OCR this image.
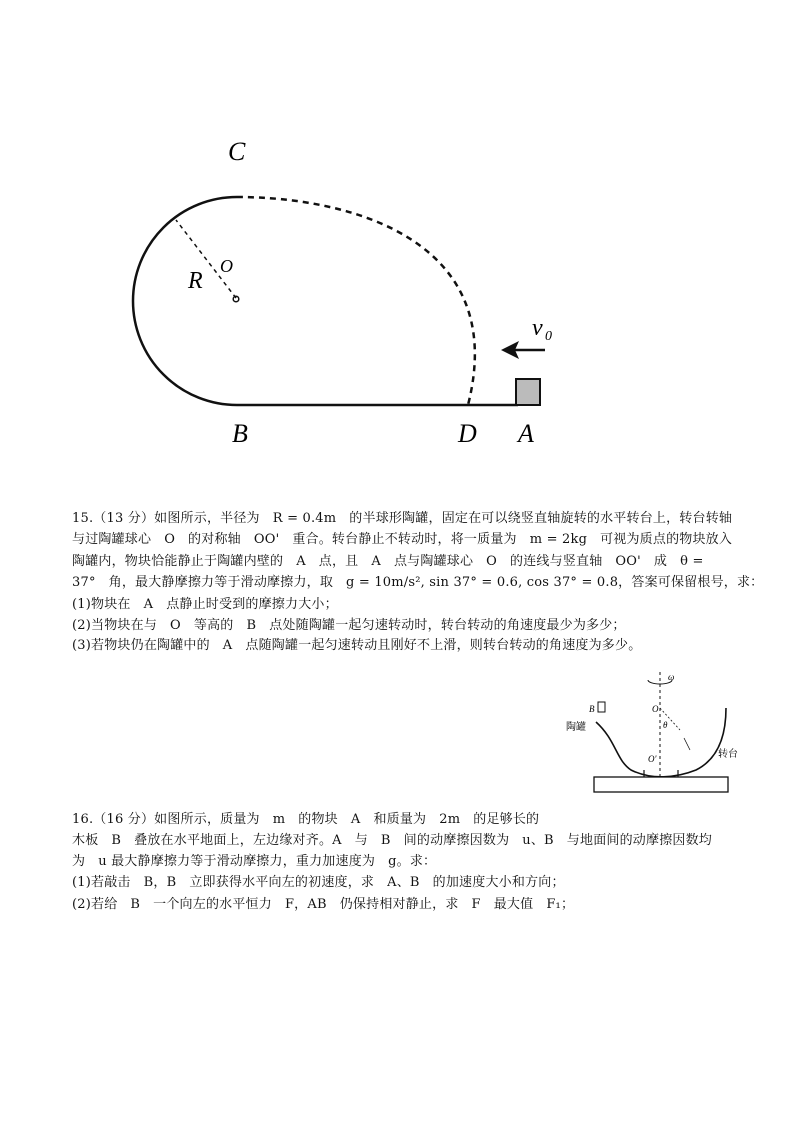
C
R
O
B	D A
v 0
15.（13 分）如图所示，半径为   R = 0.4m   的半球形陶罐，固定在可以绕竖直轴旋转的水平转台上，转台转轴
与过陶罐球心   O   的对称轴   OO'   重合。转台静止不转动时，将一质量为   m = 2kg   可视为质点的物块放入
陶罐内，物块恰能静止于陶罐内壁的   A   点，且   A   点与陶罐球心   O   的连线与竖直轴   OO'   成   θ =
37°   角，最大静摩擦力等于滑动摩擦力，取   g = 10m/s², sin 37° = 0.6, cos 37° = 0.8，答案可保留根号，求：
(1)物块在   A   点静止时受到的摩擦力大小；
(2)当物块在与   O   等高的   B   点处随陶罐一起匀速转动时，转台转动的角速度最少为多少；
(3)若物块仍在陶罐中的   A   点随陶罐一起匀速转动且刚好不上滑，则转台转动的角速度为多少。
ω
B	O
θ
O'
陶罐
转台
16.（16 分）如图所示，质量为   m   的物块   A   和质量为   2m   的足够长的
木板   B   叠放在水平地面上，左边缘对齐。A   与   B   间的动摩擦因数为   u、B   与地面间的动摩擦因数均
为   u 最大静摩擦力等于滑动摩擦力，重力加速度为   g。求：
(1)若敲击   B，B   立即获得水平向左的初速度，求   A、B   的加速度大小和方向；
(2)若给   B   一个向左的水平恒力   F，AB   仍保持相对静止，求   F   最大值   F₁；
